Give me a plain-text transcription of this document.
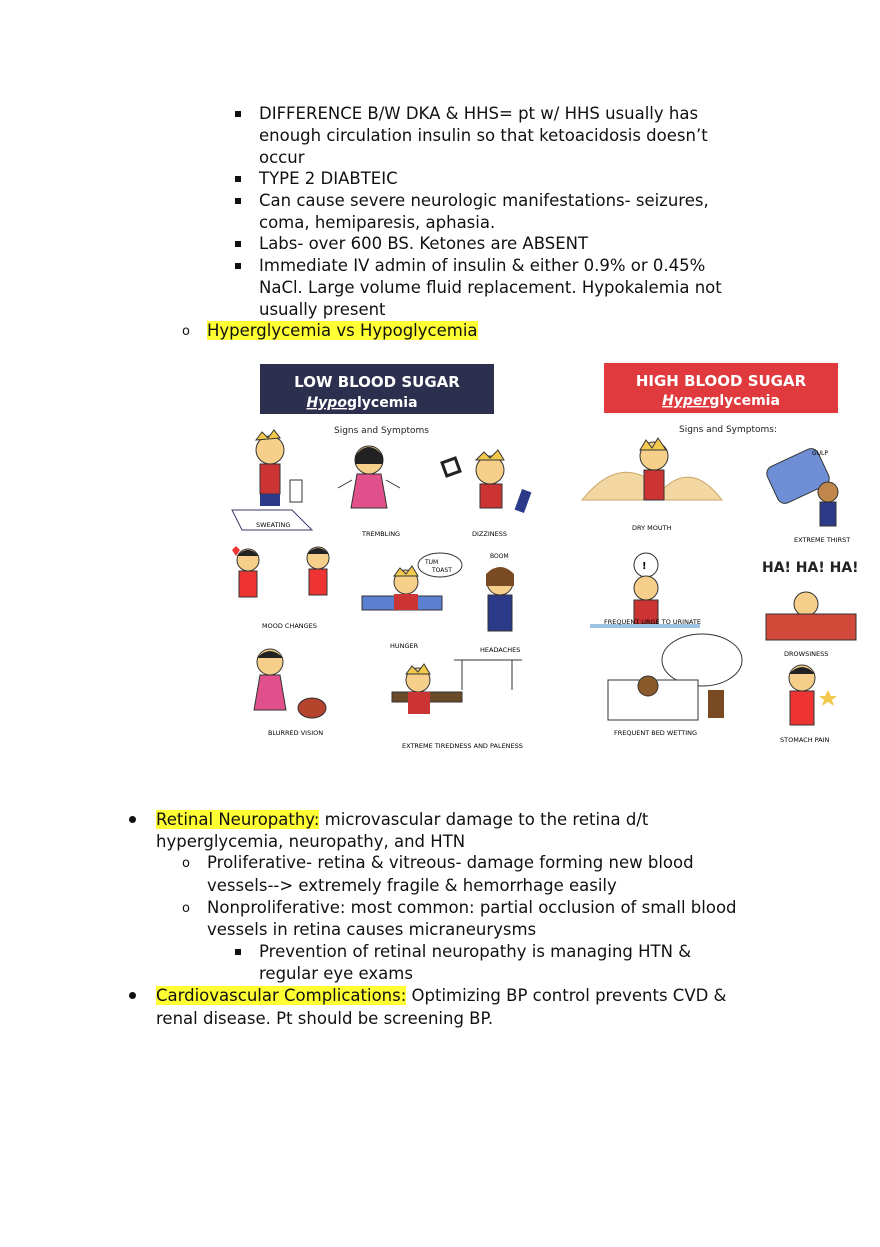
DIFFERENCE B/W DKA & HHS= pt w/ HHS usually has
enough circulation insulin so that ketoacidosis doesn’t
occur
TYPE 2 DIABTEIC
Can cause severe neurologic manifestations- seizures,
coma, hemiparesis, aphasia.
Labs- over 600 BS. Ketones are ABSENT
Immediate IV admin of insulin & either 0.9% or 0.45%
NaCl. Large volume fluid replacement. Hypokalemia not
usually present
o Hyperglycemia vs Hypoglycemia
LOW BLOOD SUGAR
Hypoglycemia
Signs and Symptoms
HIGH BLOOD SUGAR
Hyperglycemia
Signs and Symptoms:
SWEATING
TREMBLING	DIZZINESS
MOOD CHANGES
TUM
TOAST
HUNGER
BOOM
HEADACHES
BLURRED VISION
EXTREME TIREDNESS AND PALENESS
DRY MOUTH
GULP
EXTREME THIRST
!
FREQUENT URGE TO URINATE
HA! HA! HA!
DROWSINESS
FREQUENT BED WETTING
STOMACH PAIN
Retinal Neuropathy: microvascular damage to the retina d/t
hyperglycemia, neuropathy, and HTN
o Proliferative- retina & vitreous- damage forming new blood
vessels--> extremely fragile & hemorrhage easily
o Nonproliferative: most common: partial occlusion of small blood
vessels in retina causes micraneurysms
Prevention of retinal neuropathy is managing HTN &
regular eye exams
Cardiovascular Complications: Optimizing BP control prevents CVD &
renal disease. Pt should be screening BP.
